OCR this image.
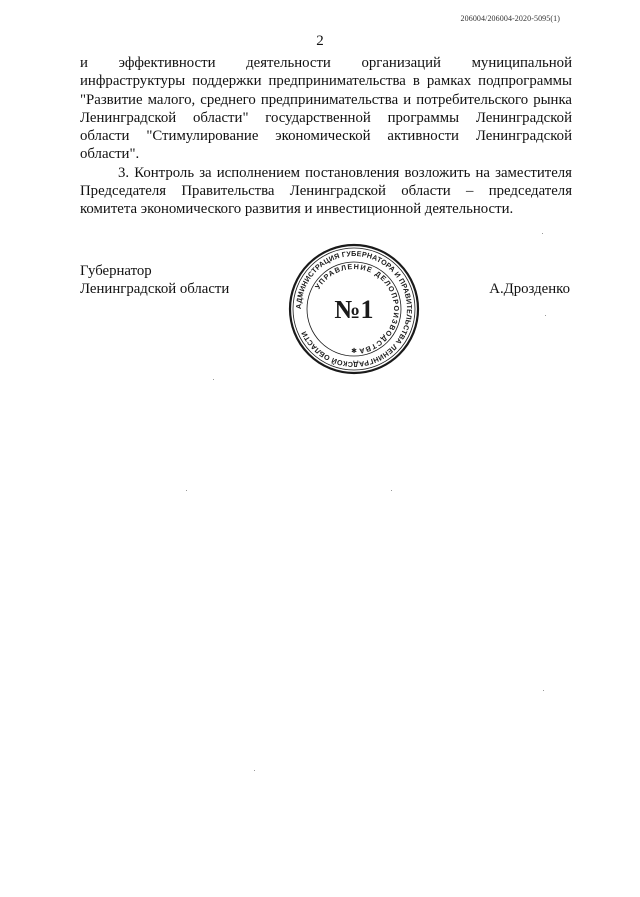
206004/206004-2020-5095(1)
2

и эффективности деятельности организаций муниципальной инфраструктуры поддержки предпринимательства в рамках подпрограммы "Развитие малого, среднего предпринимательства и потребительского рынка Ленинградской области" государственной программы Ленинградской области "Стимулирование экономической активности Ленинградской области".

3. Контроль за исполнением постановления возложить на заместителя Председателя Правительства Ленинградской области – председателя комитета экономического развития и инвестиционной деятельности.

Губернатор
Ленинградской области
АДМИНИСТРАЦИЯ ГУБЕРНАТОРА И ПРАВИТЕЛЬСТВА ЛЕНИНГРАДСКОЙ ОБЛАСТИ
УПРАВЛЕНИЕ ДЕЛОПРОИЗВОДСТВА
№1
✱
А.Дрозденко
